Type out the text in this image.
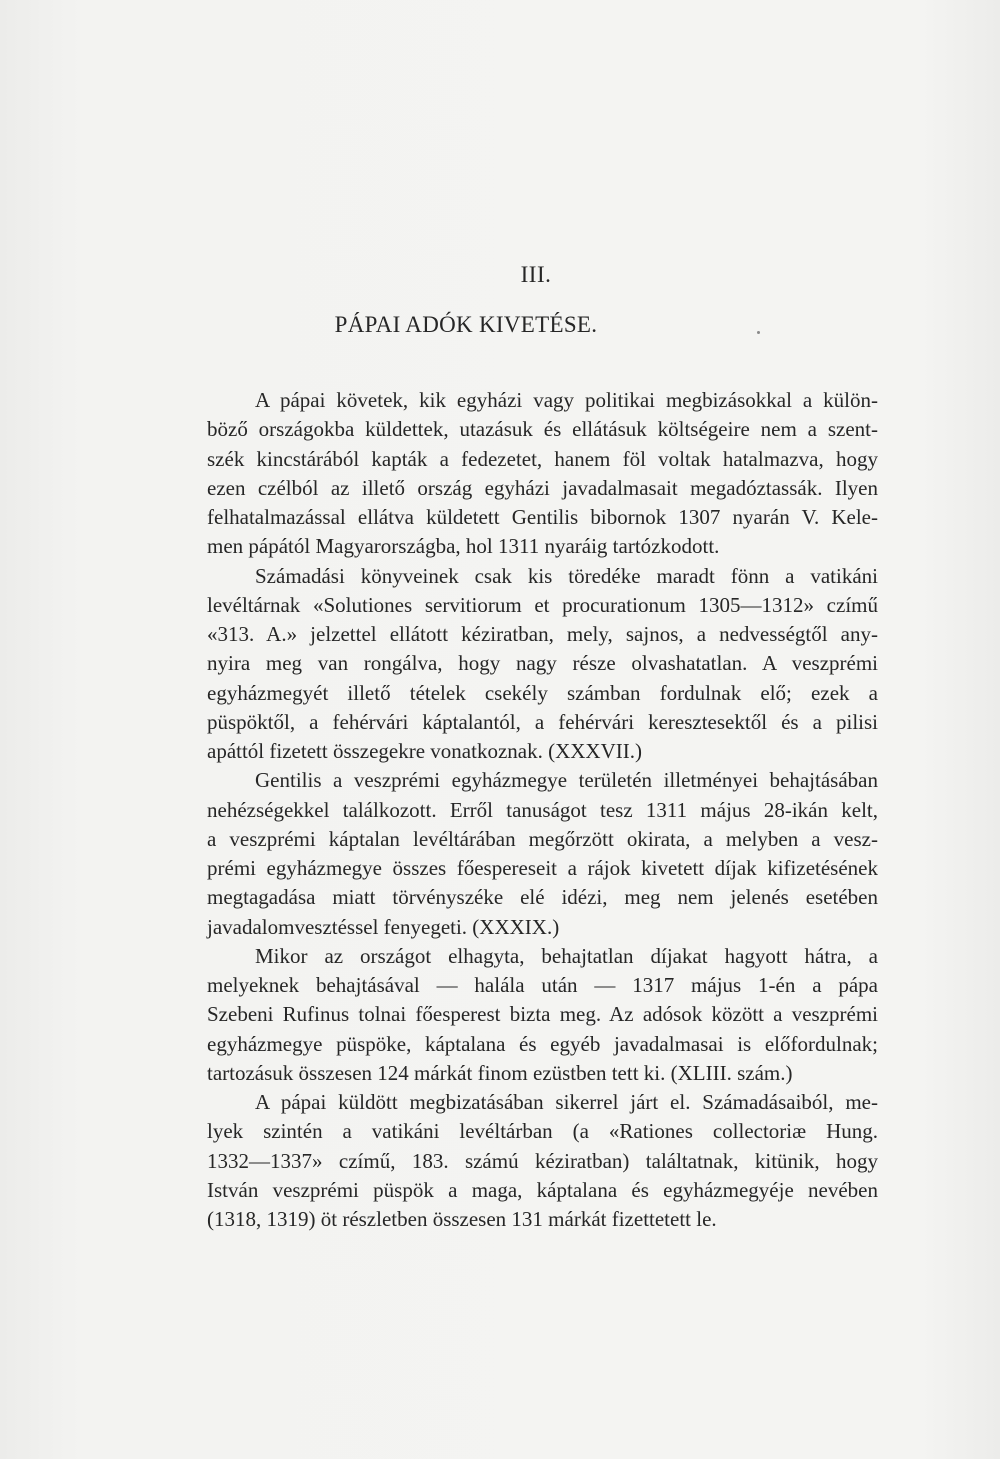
III.
PÁPAI ADÓK KIVETÉSE.
A pápai követek, kik egyházi vagy politikai megbizásokkal a külön-
böző országokba küldettek, utazásuk és ellátásuk költségeire nem a szent-
szék kincstárából kapták a fedezetet, hanem föl voltak hatalmazva, hogy
ezen czélból az illető ország egyházi javadalmasait megadóztassák. Ilyen
felhatalmazással ellátva küldetett Gentilis bibornok 1307 nyarán V. Kele-
men pápától Magyarországba, hol 1311 nyaráig tartózkodott.
Számadási könyveinek csak kis töredéke maradt fönn a vatikáni
levéltárnak «Solutiones servitiorum et procurationum 1305—1312» czímű
«313. A.» jelzettel ellátott kéziratban, mely, sajnos, a nedvességtől any-
nyira meg van rongálva, hogy nagy része olvashatatlan. A veszprémi
egyházmegyét illető tételek csekély számban fordulnak elő; ezek a
püspöktől, a fehérvári káptalantól, a fehérvári keresztesektől és a pilisi
apáttól fizetett összegekre vonatkoznak. (XXXVII.)
Gentilis a veszprémi egyházmegye területén illetményei behajtásában
nehézségekkel találkozott. Erről tanuságot tesz 1311 május 28-ikán kelt,
a veszprémi káptalan levéltárában megőrzött okirata, a melyben a vesz-
prémi egyházmegye összes főespereseit a rájok kivetett díjak kifizetésének
megtagadása miatt törvényszéke elé idézi, meg nem jelenés esetében
javadalomvesztéssel fenyegeti. (XXXIX.)
Mikor az országot elhagyta, behajtatlan díjakat hagyott hátra, a
melyeknek behajtásával — halála után — 1317 május 1-én a pápa
Szebeni Rufinus tolnai főesperest bizta meg. Az adósok között a veszprémi
egyházmegye püspöke, káptalana és egyéb javadalmasai is előfordulnak;
tartozásuk összesen 124 márkát finom ezüstben tett ki. (XLIII. szám.)
A pápai küldött megbizatásában sikerrel járt el. Számadásaiból, me-
lyek szintén a vatikáni levéltárban (a «Rationes collectoriæ Hung.
1332—1337» czímű, 183. számú kéziratban) találtatnak, kitünik, hogy
István veszprémi püspök a maga, káptalana és egyházmegyéje nevében
(1318, 1319) öt részletben összesen 131 márkát fizettetett le.
